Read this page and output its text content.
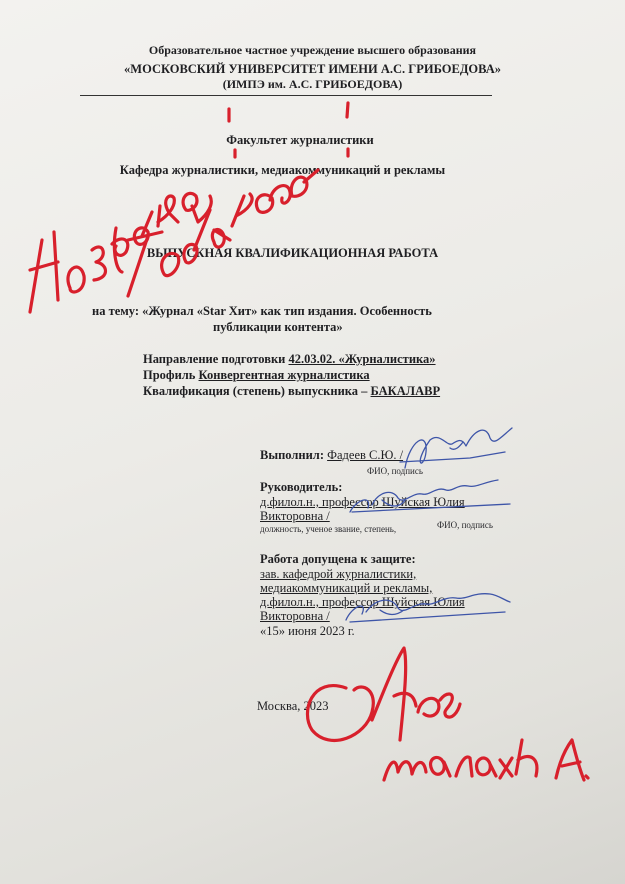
Образовательное частное учреждение высшего образования
«МОСКОВСКИЙ УНИВЕРСИТЕТ ИМЕНИ А.С. ГРИБОЕДОВА»
(ИМПЭ им. А.С. ГРИБОЕДОВА)
Факультет журналистики
Кафедра журналистики, медиакоммуникаций и рекламы
ВЫПУСКНАЯ КВАЛИФИКАЦИОННАЯ РАБОТА
на тему: «Журнал «Star Хит» как тип издания. Особенность
публикации контента»
Направление подготовки 42.03.02. «Журналистика»
Профиль Конвергентная журналистика
Квалификация (степень) выпускника – БАКАЛАВР
Выполнил: Фадеев С.Ю. /
ФИО, подпись
Руководитель:
д.филол.н., профессор Шуйская Юлия
Викторовна /
должность, ученое звание, степень,	ФИО, подпись
Работа допущена к защите:
зав. кафедрой журналистики,
медиакоммуникаций и рекламы,
д.филол.н., профессор Шуйская Юлия
Викторовна /
«15» июня 2023 г.
Москва, 2023
